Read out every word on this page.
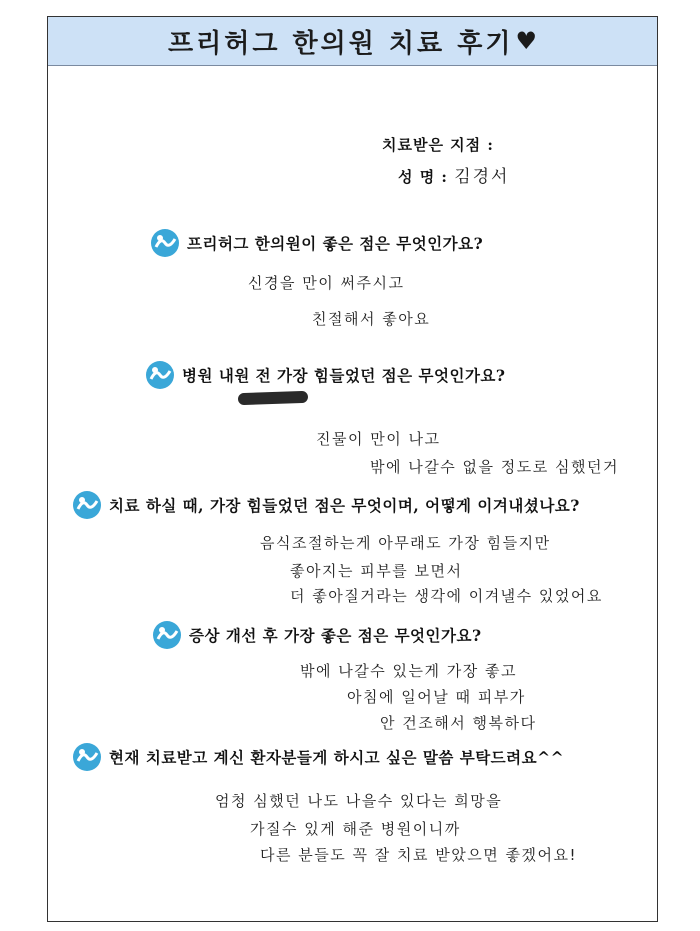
프리허그 한의원 치료 후기 ♥
치료받은 지점 :
성 명 : 김경서
프리허그 한의원이 좋은 점은 무엇인가요?
신경을 만이 써주시고
친절해서 좋아요
병원 내원 전 가장 힘들었던 점은 무엇인가요?
진물이 만이 나고
밖에 나갈수 없을 정도로 심했던거
치료 하실 때, 가장 힘들었던 점은 무엇이며, 어떻게 이겨내셨나요?
음식조절하는게 아무래도 가장 힘들지만
좋아지는 피부를 보면서
더 좋아질거라는 생각에 이겨낼수 있었어요
증상 개선 후 가장 좋은 점은 무엇인가요?
밖에 나갈수 있는게 가장 좋고
아침에 일어날 때 피부가
안 건조해서 행복하다
현재 치료받고 계신 환자분들게 하시고 싶은 말씀 부탁드려요^^
엄청 심했던 나도 나을수 있다는 희망을
가질수 있게 해준 병원이니까
다른 분들도 꼭 잘 치료 받았으면 좋겠어요!
